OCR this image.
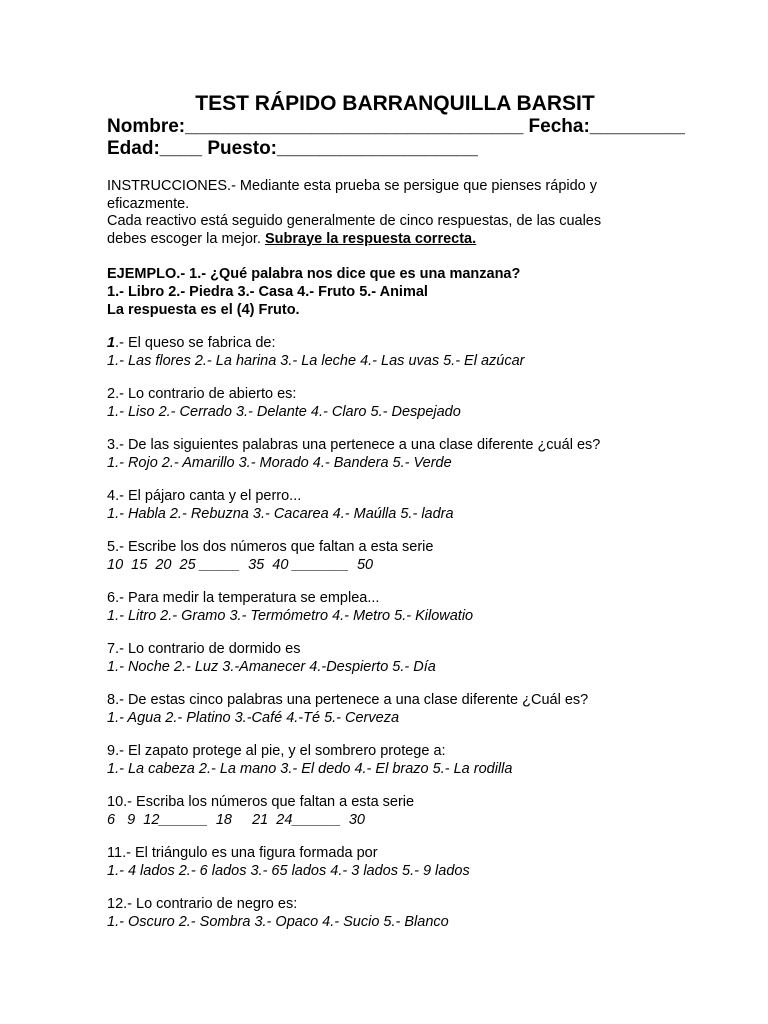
TEST RÁPIDO BARRANQUILLA BARSIT
Nombre:________________________________ Fecha:_________
Edad:____ Puesto:___________________
INSTRUCCIONES.- Mediante esta prueba se persigue que pienses rápido y eficazmente.
Cada reactivo está seguido generalmente de cinco respuestas, de las cuales debes escoger la mejor. Subraye la respuesta correcta.
EJEMPLO.- 1.- ¿Qué palabra nos dice que es una manzana?
1.- Libro 2.- Piedra 3.- Casa 4.- Fruto 5.- Animal
La respuesta es el (4) Fruto.
1.- El queso se fabrica de:
1.- Las flores 2.- La harina 3.- La leche 4.- Las uvas 5.- El azúcar
2.- Lo contrario de abierto es:
1.- Liso 2.- Cerrado 3.- Delante 4.- Claro 5.- Despejado
3.- De las siguientes palabras una pertenece a una clase diferente ¿cuál es?
1.- Rojo 2.- Amarillo 3.- Morado 4.- Bandera 5.- Verde
4.- El pájaro canta y el perro...
1.- Habla 2.- Rebuzna 3.- Cacarea 4.- Maúlla 5.- ladra
5.- Escribe los dos números que faltan a esta serie
10  15  20  25 _____  35  40 _______  50
6.- Para medir la temperatura se emplea...
1.- Litro 2.- Gramo 3.- Termómetro 4.- Metro 5.- Kilowatio
7.- Lo contrario de dormido es
1.- Noche 2.- Luz 3.-Amanecer 4.-Despierto 5.- Día
8.- De estas cinco palabras una pertenece a una clase diferente ¿Cuál es?
1.- Agua 2.- Platino 3.-Café 4.-Té 5.- Cerveza
9.- El zapato protege al pie, y el sombrero protege a:
1.- La cabeza 2.- La mano 3.- El dedo 4.- El brazo 5.- La rodilla
10.- Escriba los números que faltan a esta serie
6   9  12______  18     21  24______  30
11.- El triángulo es una figura formada por
1.- 4 lados 2.- 6 lados 3.- 65 lados 4.- 3 lados 5.- 9 lados
12.- Lo contrario de negro es:
1.- Oscuro 2.- Sombra 3.- Opaco 4.- Sucio 5.- Blanco
